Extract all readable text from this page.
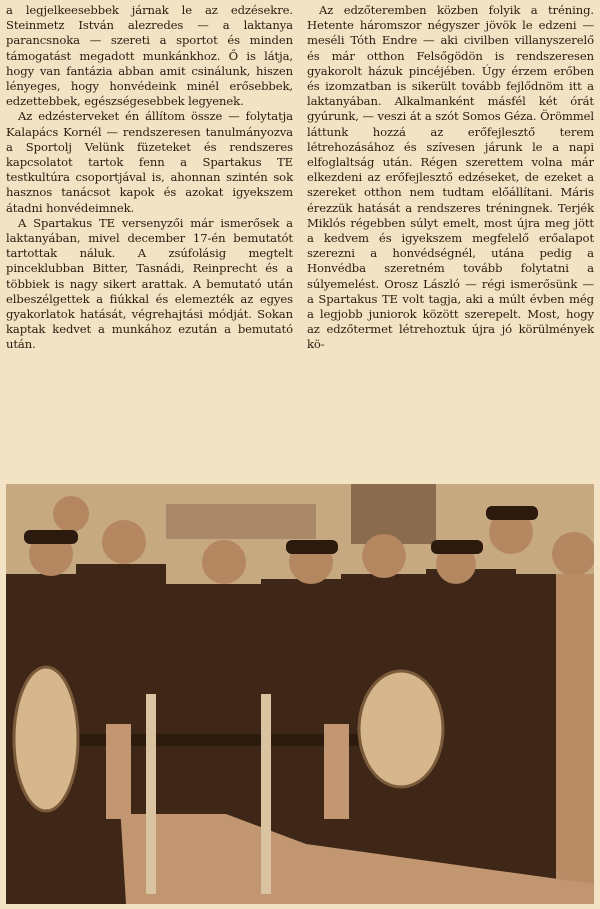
a legjelkeesebbek járnak le az edzésekre. Steinmetz István alezredes — a laktanya parancsnoka — szereti a sportot és minden támogatást megadott munkánkhoz. Ő is látja, hogy van fantázia abban amit csinálunk, hiszen lényeges, hogy honvédeink minél erősebbek, edzettebbek, egészségesebbek legyenek.

Az edzésterveket én állítom össze — folytatja Kalapács Kornél — rendszeresen tanulmányozva a Sportolj Velünk füzeteket és rendszeres kapcsolatot tartok fenn a Spartakus TE testkultúra csoportjával is, ahonnan szintén sok hasznos tanácsot kapok és azokat igyekszem átadni honvédeimnek.

A Spartakus TE versenyzői már ismerősek a laktanyában, mivel december 17-én bemutatót tartottak náluk. A zsúfolásig megtelt pinceklubban Bitter, Tasnádi, Reinprecht és a többiek is nagy sikert arattak. A bemutató után elbeszélgettek a fiúkkal és elemezték az egyes gyakorlatok hatását, végrehajtási módját. Sokan kaptak kedvet a munkához ezután a bemutató után.

Az edzőteremben közben folyik a tréning. Hetente háromszor négyszer jövök le edzeni — meséli Tóth Endre — aki civilben villanyszerelő és már otthon Felsőgödön is rendszeresen gyakorolt házuk pincéjében. Úgy érzem erőben és izomzatban is sikerült tovább fejlődnöm itt a laktanyában. Alkalmanként másfél két órát gyúrunk, — veszi át a szót Somos Géza. Örömmel láttunk hozzá az erőfejlesztő terem létrehozásához és szívesen járunk le a napi elfoglaltság után. Régen szerettem volna már elkezdeni az erőfejlesztő edzéseket, de ezeket a szereket otthon nem tudtam előállítani. Máris érezzük hatását a rendszeres tréningnek. Terjék Miklós régebben súlyt emelt, most újra meg jött a kedvem és igyekszem megfelelő erőalapot szerezni a honvédségnél, utána pedig a Honvédba szeretném tovább folytatni a súlyemelést. Orosz László — régi ismerősünk — a Spartakus TE volt tagja, aki a múlt évben még a legjobb juniorok között szerepelt. Most, hogy az edzőtermet létrehoztuk újra jó körülmények kö-
